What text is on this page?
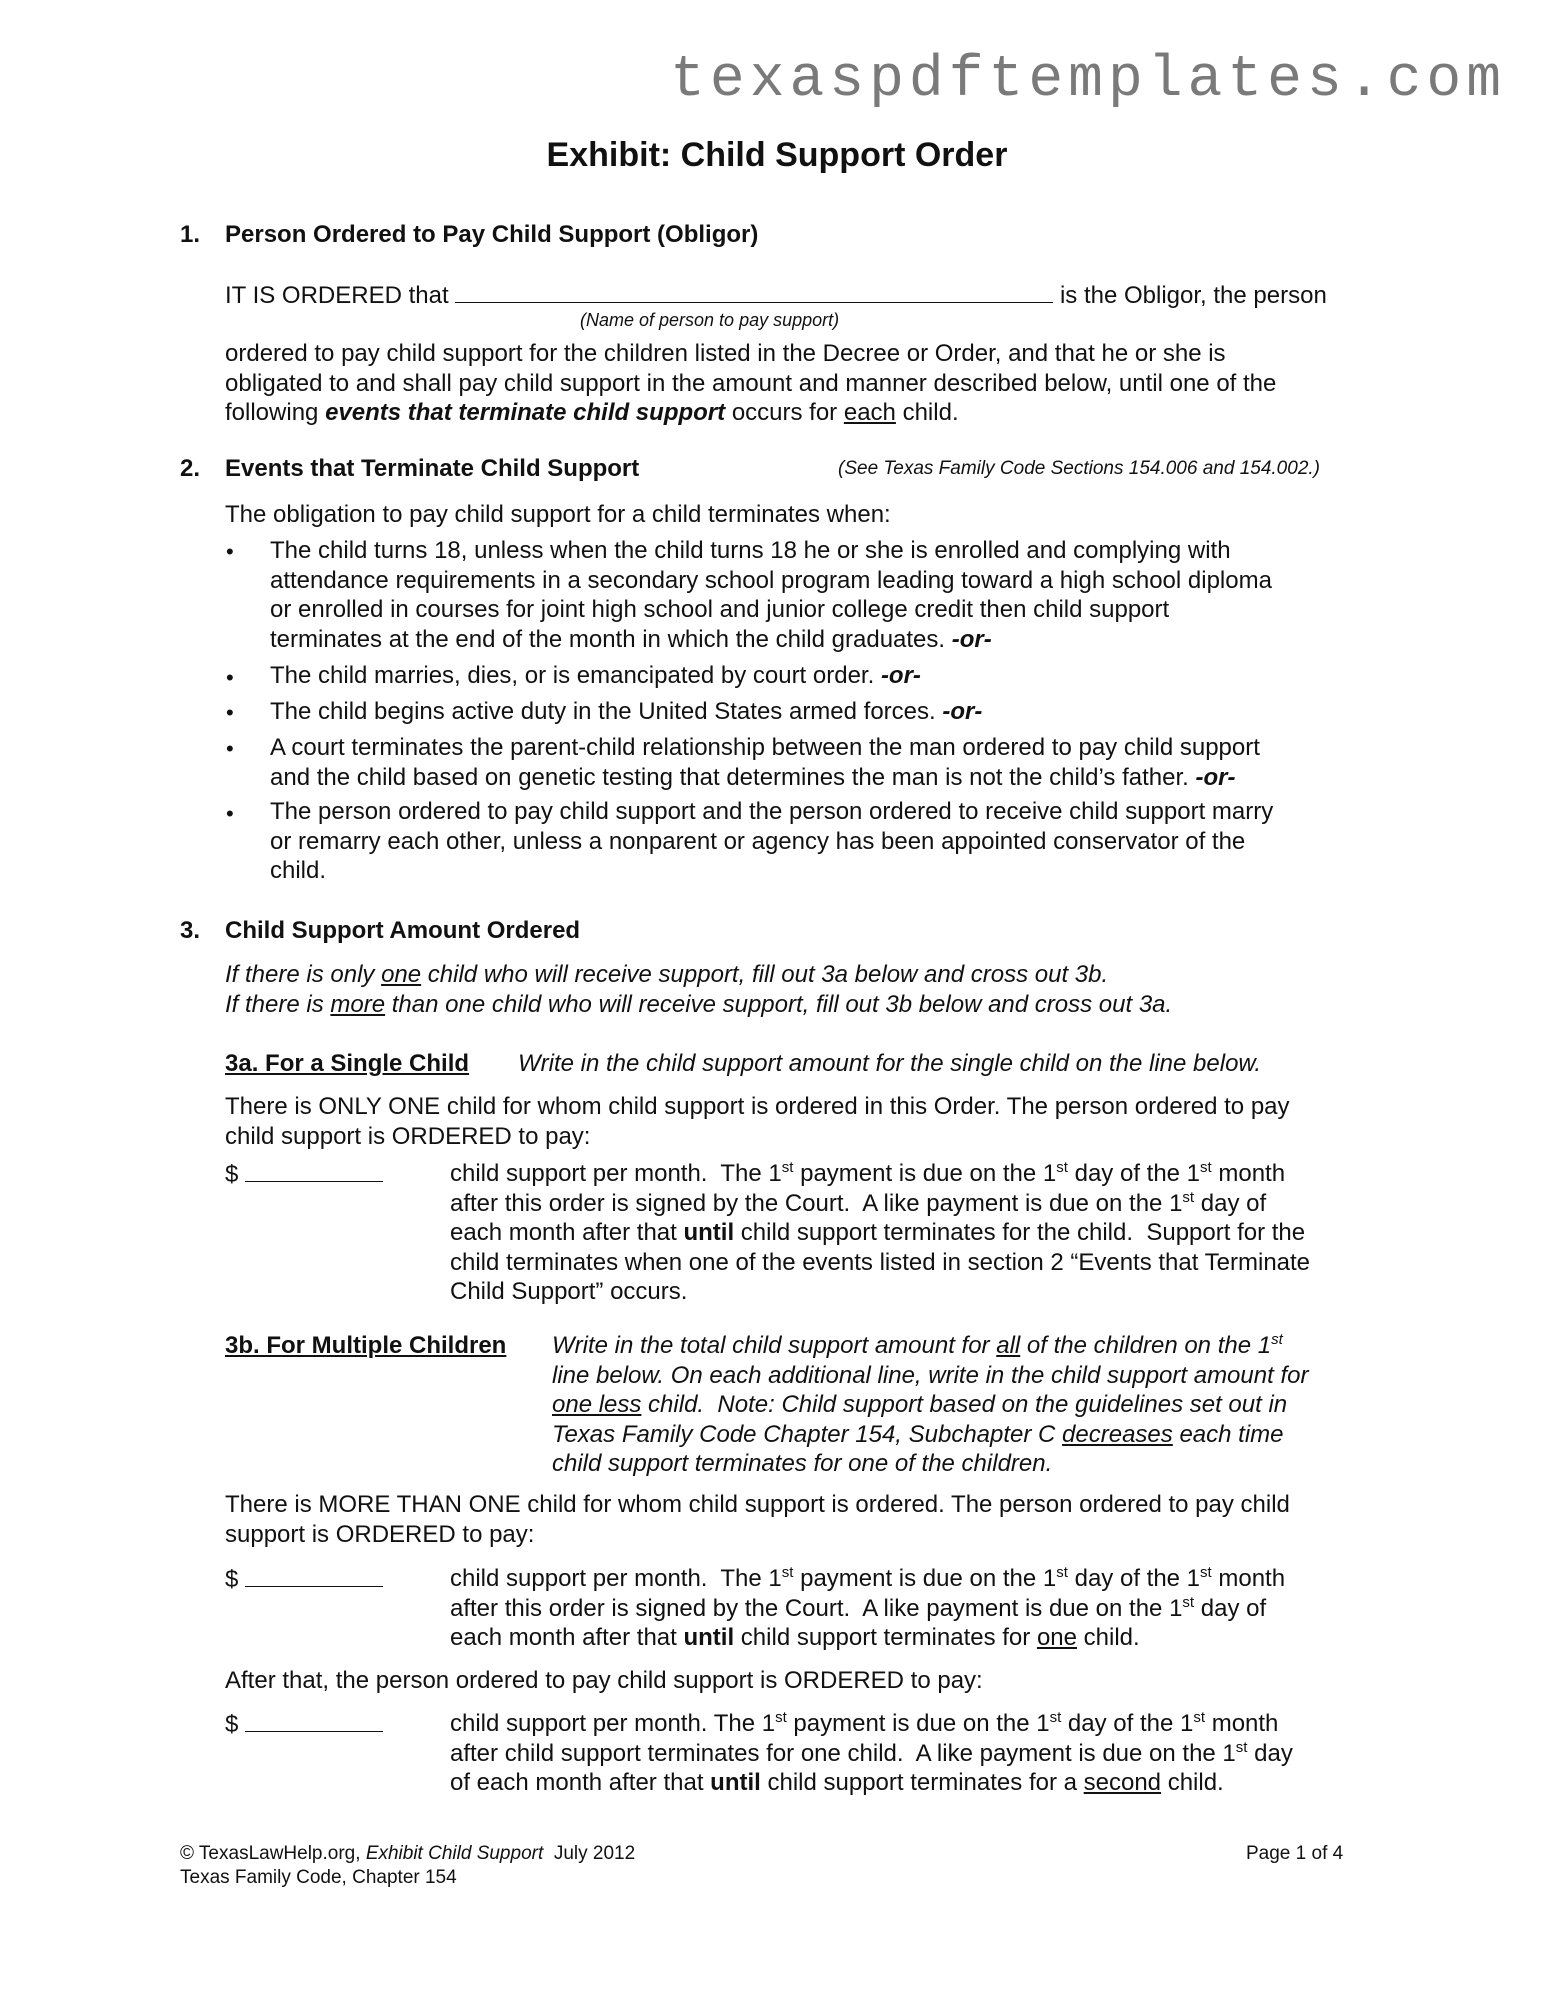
texaspdftemplates.com
Exhibit: Child Support Order
1. Person Ordered to Pay Child Support (Obligor)
IT IS ORDERED that	is the Obligor, the person
(Name of person to pay support)
ordered to pay child support for the children listed in the Decree or Order, and that he or she is
obligated to and shall pay child support in the amount and manner described below, until one of the
following events that terminate child support occurs for each child.
2. Events that Terminate Child Support	(See Texas Family Code Sections 154.006 and 154.002.)
The obligation to pay child support for a child terminates when:
• The child turns 18, unless when the child turns 18 he or she is enrolled and complying with
attendance requirements in a secondary school program leading toward a high school diploma
or enrolled in courses for joint high school and junior college credit then child support
terminates at the end of the month in which the child graduates. -or-
• The child marries, dies, or is emancipated by court order. -or-
• The child begins active duty in the United States armed forces. -or-
• A court terminates the parent-child relationship between the man ordered to pay child support
and the child based on genetic testing that determines the man is not the child’s father. -or-
• The person ordered to pay child support and the person ordered to receive child support marry
or remarry each other, unless a nonparent or agency has been appointed conservator of the
child.
3. Child Support Amount Ordered
If there is only one child who will receive support, fill out 3a below and cross out 3b.
If there is more than one child who will receive support, fill out 3b below and cross out 3a.
3a. For a Single Child Write in the child support amount for the single child on the line below.
There is ONLY ONE child for whom child support is ordered in this Order. The person ordered to pay
child support is ORDERED to pay:
$	child support per month.  The 1st payment is due on the 1st day of the 1st month
after this order is signed by the Court.  A like payment is due on the 1st day of
each month after that until child support terminates for the child.  Support for the
child terminates when one of the events listed in section 2 “Events that Terminate
Child Support” occurs.
3b. For Multiple Children Write in the total child support amount for all of the children on the 1st
line below. On each additional line, write in the child support amount for
one less child.  Note: Child support based on the guidelines set out in
Texas Family Code Chapter 154, Subchapter C decreases each time
child support terminates for one of the children.
There is MORE THAN ONE child for whom child support is ordered. The person ordered to pay child
support is ORDERED to pay:
$	child support per month.  The 1st payment is due on the 1st day of the 1st month
after this order is signed by the Court.  A like payment is due on the 1st day of
each month after that until child support terminates for one child.
After that, the person ordered to pay child support is ORDERED to pay:
$	child support per month. The 1st payment is due on the 1st day of the 1st month
after child support terminates for one child.  A like payment is due on the 1st day
of each month after that until child support terminates for a second child.
© TexasLawHelp.org, Exhibit Child Support July 2012
Texas Family Code, Chapter 154
Page 1 of 4
